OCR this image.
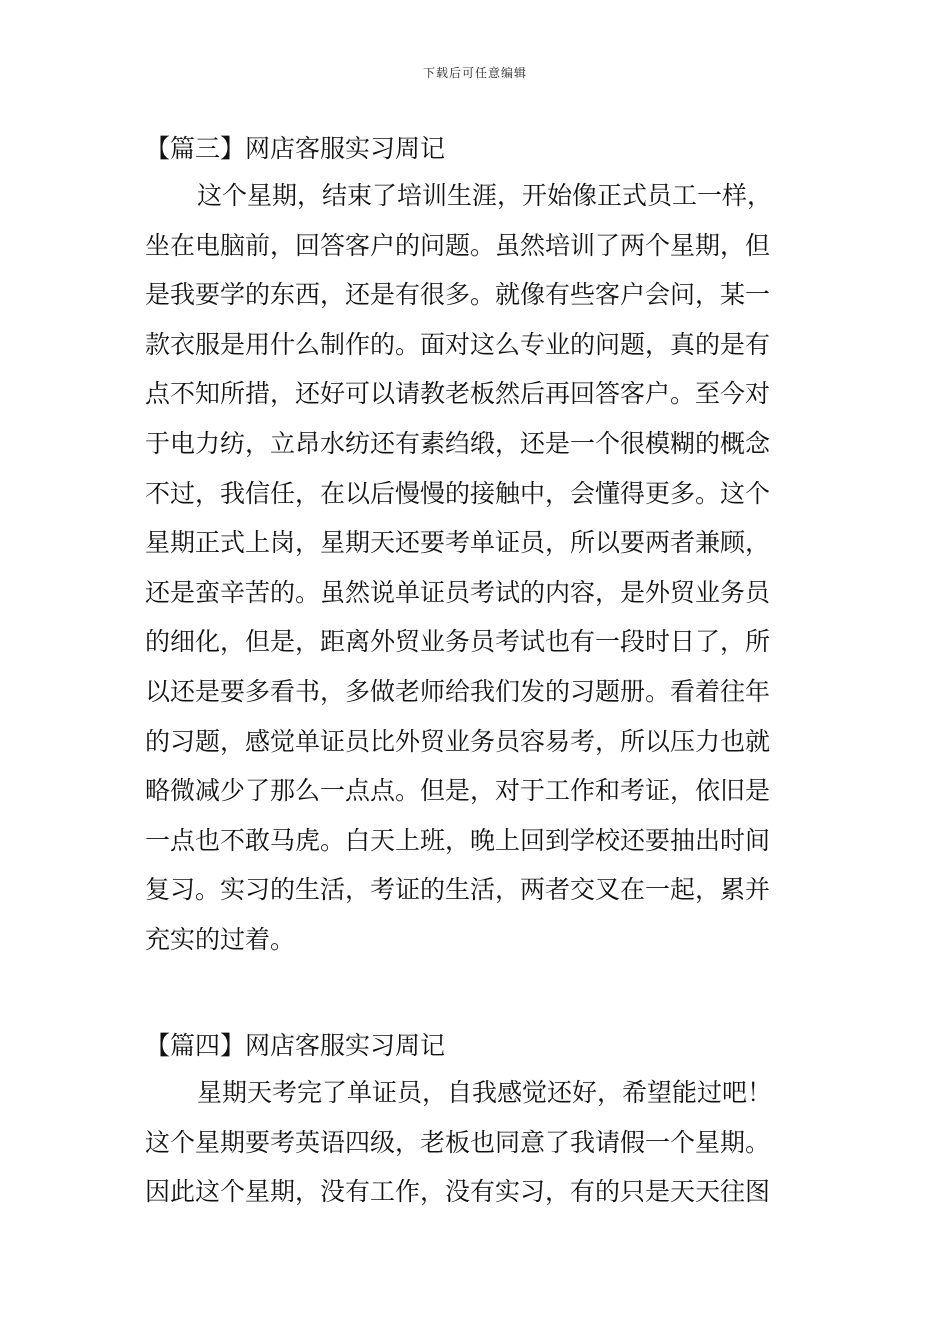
下载后可任意编辑
【篇三】网店客服实习周记

这个星期，结束了培训生涯，开始像正式员工一样，
坐在电脑前，回答客户的问题。虽然培训了两个星期，但
是我要学的东西，还是有很多。就像有些客户会问，某一
款衣服是用什么制作的。面对这么专业的问题，真的是有
点不知所措，还好可以请教老板然后再回答客户。至今对
于电力纺，立昂水纺还有素绉缎，还是一个很模糊的概念
不过，我信任，在以后慢慢的接触中，会懂得更多。这个
星期正式上岗，星期天还要考单证员，所以要两者兼顾，
还是蛮辛苦的。虽然说单证员考试的内容，是外贸业务员
的细化，但是，距离外贸业务员考试也有一段时日了，所
以还是要多看书，多做老师给我们发的习题册。看着往年
的习题，感觉单证员比外贸业务员容易考，所以压力也就
略微减少了那么一点点。但是，对于工作和考证，依旧是
一点也不敢马虎。白天上班，晚上回到学校还要抽出时间
复习。实习的生活，考证的生活，两者交叉在一起，累并
充实的过着。

【篇四】网店客服实习周记

星期天考完了单证员，自我感觉还好，希望能过吧！
这个星期要考英语四级，老板也同意了我请假一个星期。
因此这个星期，没有工作，没有实习，有的只是天天往图
